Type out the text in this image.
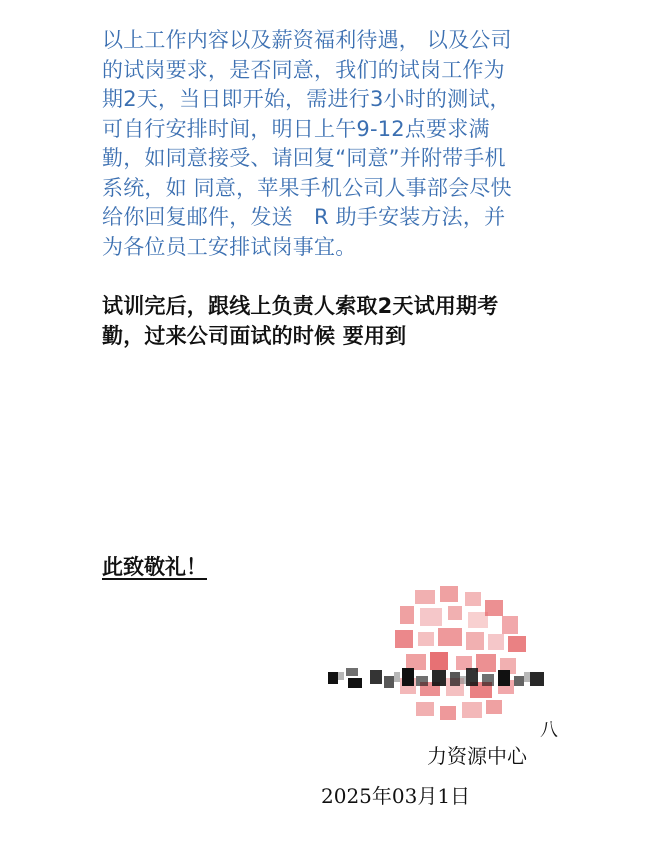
以上工作内容以及薪资福利待遇， 以及公司
的试岗要求，是否同意，我们的试岗工作为
期2天，当日即开始，需进行3小时的测试，
可自行安排时间，明日上午9-12点要求满
勤，如同意接受、请回复“同意”并附带手机
系统，如 同意，苹果手机公司人事部会尽快
给你回复邮件，发送　R 助手安装方法，并
为各位员工安排试岗事宜。
试训完后，跟线上负责人索取2天试用期考
勤，过来公司面试的时候 要用到
此致敬礼！
八
力资源中心
2025年03月1日
